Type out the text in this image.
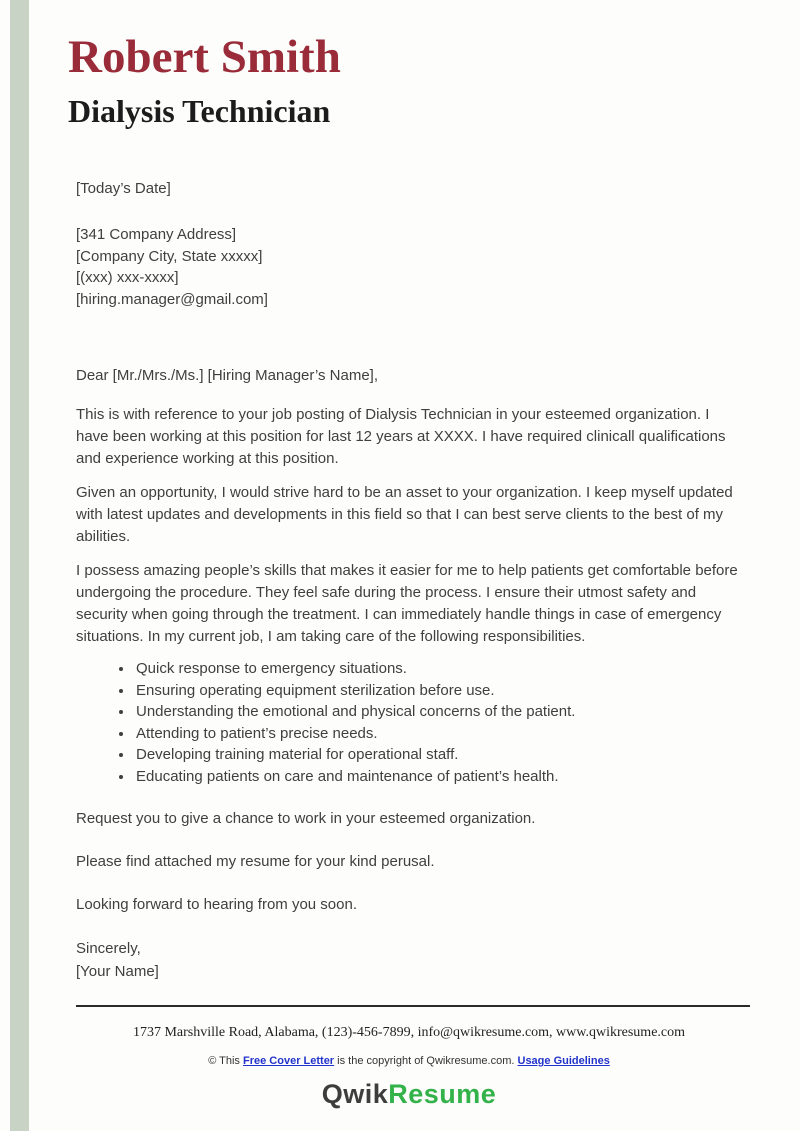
Robert Smith
Dialysis Technician
[Today’s Date]
[341 Company Address]
[Company City, State xxxxx]
[(xxx) xxx-xxxx]
[hiring.manager@gmail.com]
Dear [Mr./Mrs./Ms.] [Hiring Manager’s Name],

This is with reference to your job posting of Dialysis Technician in your esteemed organization. I have been working at this position for last 12 years at XXXX. I have required clinicall qualifications and experience working at this position.

Given an opportunity, I would strive hard to be an asset to your organization. I keep myself updated with latest updates and developments in this field so that I can best serve clients to the best of my abilities.

I possess amazing people’s skills that makes it easier for me to help patients get comfortable before undergoing the procedure. They feel safe during the process. I ensure their utmost safety and security when going through the treatment. I can immediately handle things in case of emergency situations. In my current job, I am taking care of the following responsibilities.

• Quick response to emergency situations.
• Ensuring operating equipment sterilization before use.
• Understanding the emotional and physical concerns of the patient.
• Attending to patient’s precise needs.
• Developing training material for operational staff.
• Educating patients on care and maintenance of patient’s health.

Request you to give a chance to work in your esteemed organization.

Please find attached my resume for your kind perusal.

Looking forward to hearing from you soon.

Sincerely,
[Your Name]
1737 Marshville Road, Alabama, (123)-456-7899, info@qwikresume.com, www.qwikresume.com
© This Free Cover Letter is the copyright of Qwikresume.com. Usage Guidelines
QwikResume
